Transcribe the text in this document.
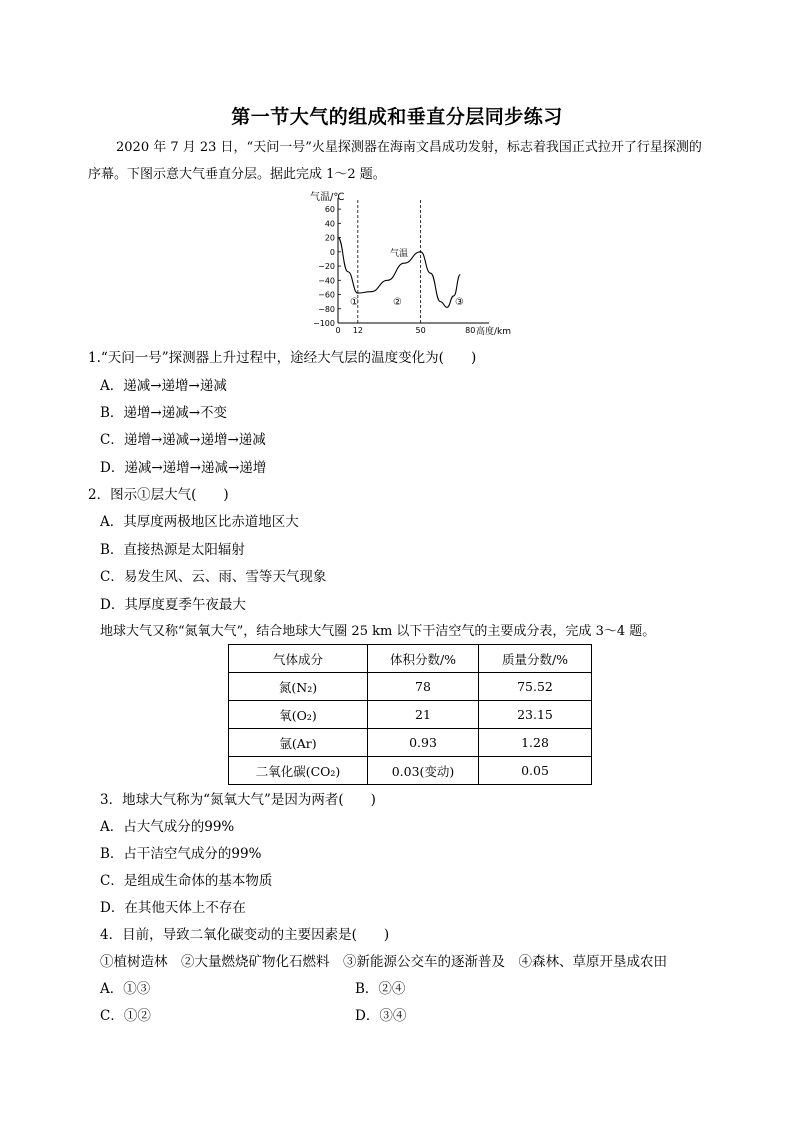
第一节大气的组成和垂直分层同步练习
2020 年 7 月 23 日，“天问一号”火星探测器在海南文昌成功发射，标志着我国正式拉开了行星探测的
序幕。下图示意大气垂直分层。据此完成 1～2 题。
气温/℃
60
40
20
0
−20
−40
−60
−80
−100
0 12	50	80 高度/km
气温
①	②	③
1.“天问一号”探测器上升过程中，途经大气层的温度变化为(　　)
A．递减→递增→递减
B．递增→递减→不变
C．递增→递减→递增→递减
D．递减→递增→递减→递增
2．图示①层大气(　　)
A．其厚度两极地区比赤道地区大
B．直接热源是太阳辐射
C．易发生风、云、雨、雪等天气现象
D．其厚度夏季午夜最大
地球大气又称“氮氧大气”，结合地球大气圈 25 km 以下干洁空气的主要成分表，完成 3～4 题。
气体成分	体积分数/%	质量分数/%
氮(N₂)	78	75.52
氧(O₂)	21	23.15
氩(Ar)	0.93	1.28
二氧化碳(CO₂)	0.03(变动)	0.05
3．地球大气称为“氮氧大气”是因为两者(　　)
A．占大气成分的99%
B．占干洁空气成分的99%
C．是组成生命体的基本物质
D．在其他天体上不存在
4．目前，导致二氧化碳变动的主要因素是(　　)
①植树造林　②大量燃烧矿物化石燃料　③新能源公交车的逐渐普及　④森林、草原开垦成农田
A．①③	B．②④
C．①②	D．③④
